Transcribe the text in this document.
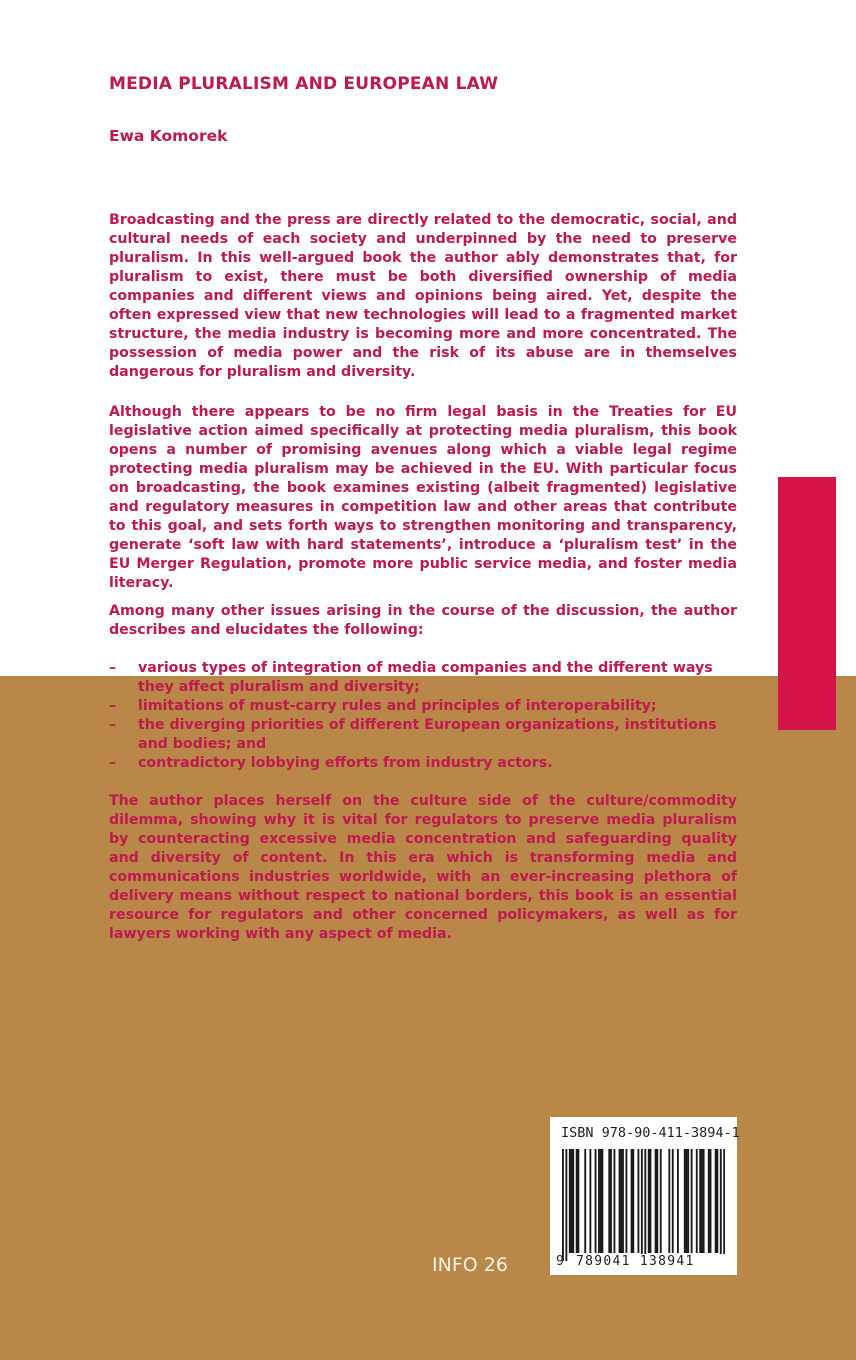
MEDIA PLURALISM AND EUROPEAN LAW
Ewa Komorek

Broadcasting and the press are directly related to the democratic, social, and cultural needs of each society and underpinned by the need to preserve pluralism. In this well-argued book the author ably demonstrates that, for pluralism to exist, there must be both diversified ownership of media companies and different views and opinions being aired. Yet, despite the often expressed view that new technologies will lead to a fragmented market structure, the media industry is becoming more and more concentrated. The possession of media power and the risk of its abuse are in themselves dangerous for pluralism and diversity.

Although there appears to be no firm legal basis in the Treaties for EU legislative action aimed specifically at protecting media pluralism, this book opens a number of promising avenues along which a viable legal regime protecting media pluralism may be achieved in the EU. With particular focus on broadcasting, the book examines existing (albeit fragmented) legislative and regulatory measures in competition law and other areas that contribute to this goal, and sets forth ways to strengthen monitoring and transparency, generate ‘soft law with hard statements’, introduce a ‘pluralism test’ in the EU Merger Regulation, promote more public service media, and foster media literacy.

Among many other issues arising in the course of the discussion, the author describes and elucidates the following:

– various types of integration of media companies and the different ways they affect pluralism and diversity;
– limitations of must-carry rules and principles of interoperability;
– the diverging priorities of different European organizations, institutions and bodies; and
– contradictory lobbying efforts from industry actors.

The author places herself on the culture side of the culture/commodity dilemma, showing why it is vital for regulators to preserve media pluralism by counteracting excessive media concentration and safeguarding quality and diversity of content. In this era which is transforming media and communications industries worldwide, with an ever-increasing plethora of delivery means without respect to national borders, this book is an essential resource for regulators and other concerned policymakers, as well as for lawyers working with any aspect of media.

INFO 26
ISBN 978-90-411-3894-1
9 789041 138941
